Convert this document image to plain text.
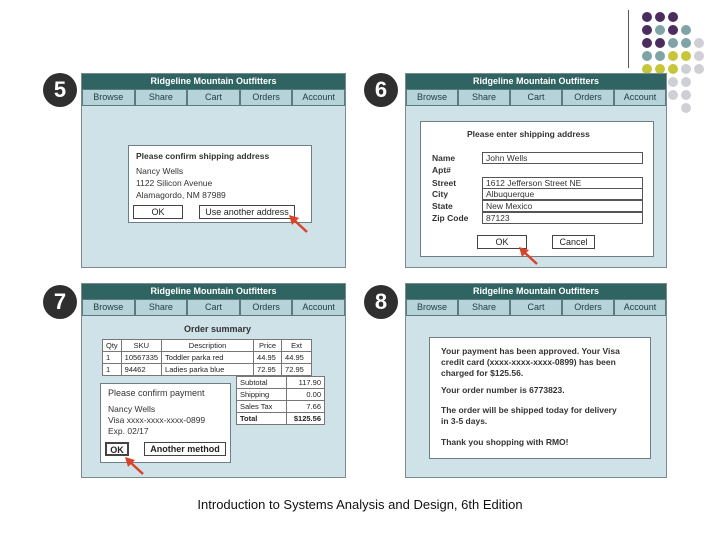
5	Ridgeline Mountain Outfitters
Browse	Share	Cart	Orders	Account
Please confirm shipping address
Nancy Wells
1122 Silicon Avenue
Alamagordo, NM 87989
OK	Use another address
6	Ridgeline Mountain Outfitters
Browse	Share	Cart	Orders	Account
Please enter shipping address
Name	John Wells
Apt#
Street	1612 Jefferson Street NE
City	Albuquerque
State	New Mexico
Zip Code	87123
OK	Cancel
7	Ridgeline Mountain Outfitters
Browse	Share	Cart	Orders	Account
Order summary
Qty	SKU	Description	Price	Ext
1	10567335	Toddler parka red	44.95	44.95
1	94462	Ladies parka blue	72.95	72.95
Subtotal	117.90
Shipping	0.00
Sales Tax	7.66
Total	$125.56
Please confirm payment
Nancy Wells
Visa xxxx-xxxx-xxxx-0899
Exp. 02/17
OK	Another method
8	Ridgeline Mountain Outfitters
Browse	Share	Cart	Orders	Account
Your payment has been approved. Your Visa
credit card (xxxx-xxxx-xxxx-0899) has been
charged for $125.56.
Your order number is 6773823.
The order will be shipped today for delivery
in 3-5 days.
Thank you shopping with RMO!
Introduction to Systems Analysis and Design, 6th Edition
